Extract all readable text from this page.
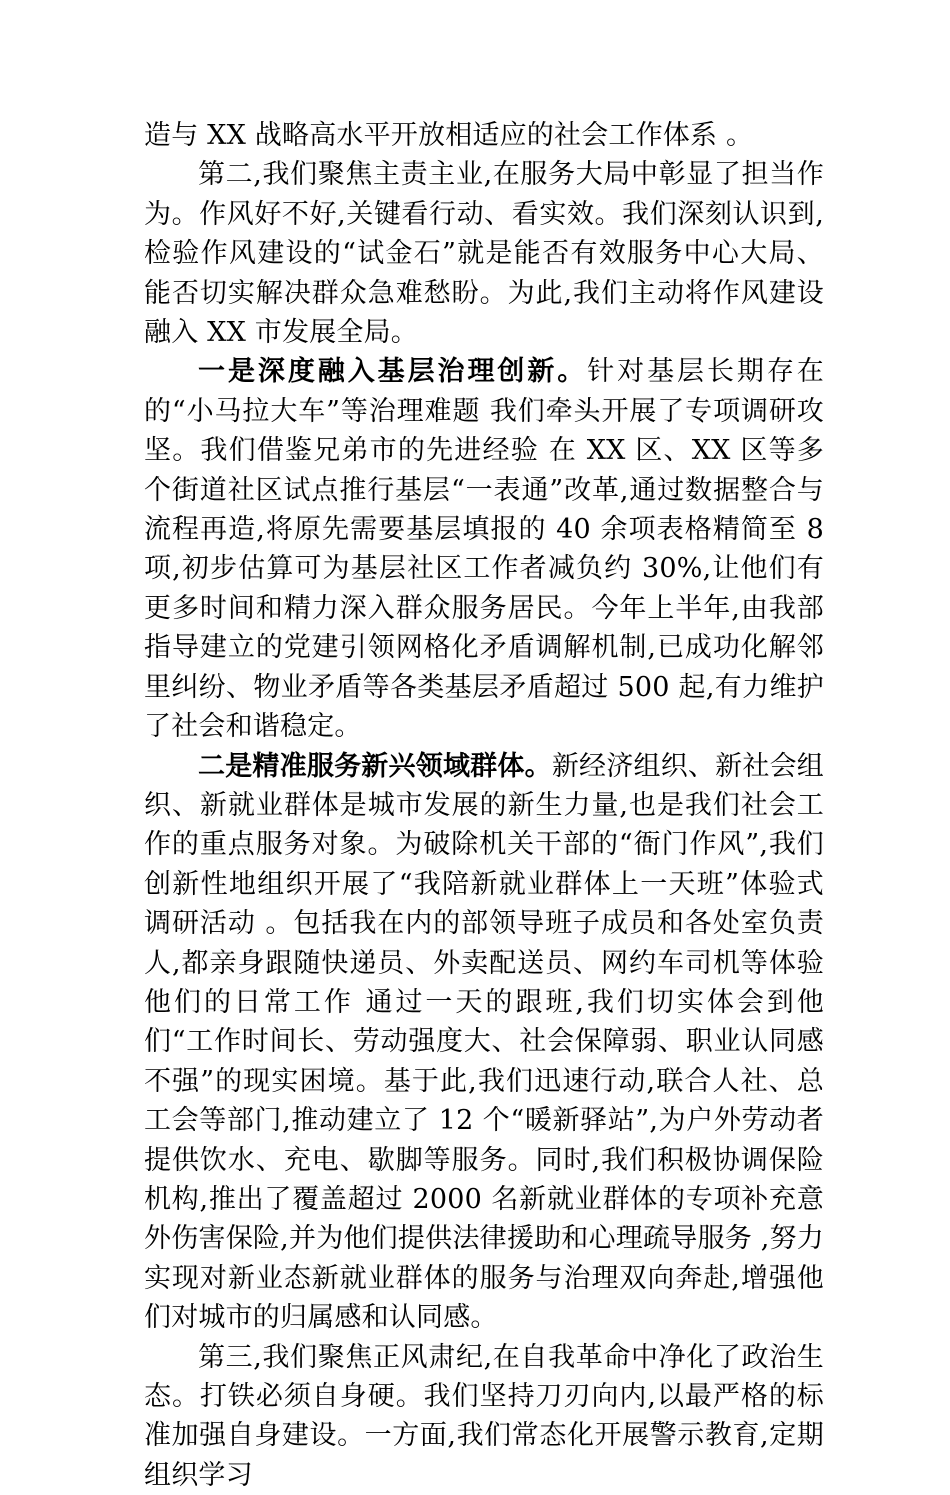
造与 XX 战略高水平开放相适应的社会工作体系 。

第二,我们聚焦主责主业,在服务大局中彰显了担当作为。作风好不好,关键看行动、看实效。我们深刻认识到,检验作风建设的“试金石”就是能否有效服务中心大局、能否切实解决群众急难愁盼。为此,我们主动将作风建设融入 XX 市发展全局。

一是深度融入基层治理创新。针对基层长期存在的“小马拉大车”等治理难题 我们牵头开展了专项调研攻坚。我们借鉴兄弟市的先进经验 在 XX 区、XX 区等多个街道社区试点推行基层“一表通”改革,通过数据整合与流程再造,将原先需要基层填报的 40 余项表格精简至 8 项,初步估算可为基层社区工作者减负约 30%,让他们有更多时间和精力深入群众服务居民。今年上半年,由我部指导建立的党建引领网格化矛盾调解机制,已成功化解邻里纠纷、物业矛盾等各类基层矛盾超过 500 起,有力维护了社会和谐稳定。

二是精准服务新兴领域群体。新经济组织、新社会组织、新就业群体是城市发展的新生力量,也是我们社会工作的重点服务对象。为破除机关干部的“衙门作风”,我们创新性地组织开展了“我陪新就业群体上一天班”体验式调研活动 。包括我在内的部领导班子成员和各处室负责人,都亲身跟随快递员、外卖配送员、网约车司机等体验他们的日常工作 通过一天的跟班,我们切实体会到他们“工作时间长、劳动强度大、社会保障弱、职业认同感不强”的现实困境。基于此,我们迅速行动,联合人社、总工会等部门,推动建立了 12 个“暖新驿站”,为户外劳动者提供饮水、充电、歇脚等服务。同时,我们积极协调保险机构,推出了覆盖超过 2000 名新就业群体的专项补充意外伤害保险,并为他们提供法律援助和心理疏导服务 ,努力实现对新业态新就业群体的服务与治理双向奔赴,增强他们对城市的归属感和认同感。

第三,我们聚焦正风肃纪,在自我革命中净化了政治生态。打铁必须自身硬。我们坚持刀刃向内,以最严格的标准加强自身建设。一方面,我们常态化开展警示教育,定期组织学习
